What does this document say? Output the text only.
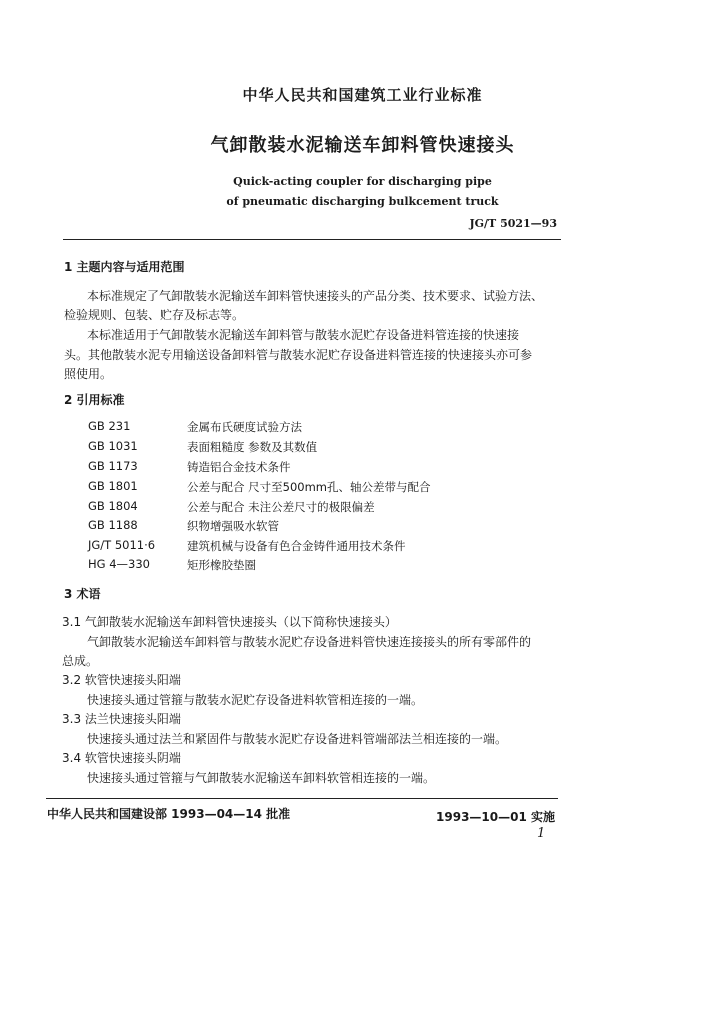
中华人民共和国建筑工业行业标准
气卸散装水泥输送车卸料管快速接头
Quick-acting coupler for discharging pipe
of pneumatic discharging bulkcement truck
JG/T 5021—93
1 主题内容与适用范围
本标准规定了气卸散装水泥输送车卸料管快速接头的产品分类、技术要求、试验方法、
检验规则、包装、贮存及标志等。
本标准适用于气卸散装水泥输送车卸料管与散装水泥贮存设备进料管连接的快速接
头。其他散装水泥专用输送设备卸料管与散装水泥贮存设备进料管连接的快速接头亦可参
照使用。
2 引用标准
GB 231	金属布氏硬度试验方法
GB 1031	表面粗糙度 参数及其数值
GB 1173	铸造铝合金技术条件
GB 1801	公差与配合 尺寸至500mm孔、轴公差带与配合
GB 1804	公差与配合 未注公差尺寸的极限偏差
GB 1188	织物增强吸水软管
JG/T 5011·6	建筑机械与设备有色合金铸件通用技术条件
HG 4—330	矩形橡胶垫圈
3 术语
3.1 气卸散装水泥输送车卸料管快速接头（以下简称快速接头）
气卸散装水泥输送车卸料管与散装水泥贮存设备进料管快速连接接头的所有零部件的
总成。
3.2 软管快速接头阳端
快速接头通过管箍与散装水泥贮存设备进料软管相连接的一端。
3.3 法兰快速接头阳端
快速接头通过法兰和紧固件与散装水泥贮存设备进料管端部法兰相连接的一端。
3.4 软管快速接头阴端
快速接头通过管箍与气卸散装水泥输送车卸料软管相连接的一端。
中华人民共和国建设部 1993—04—14 批准	1993—10—01 实施
1
